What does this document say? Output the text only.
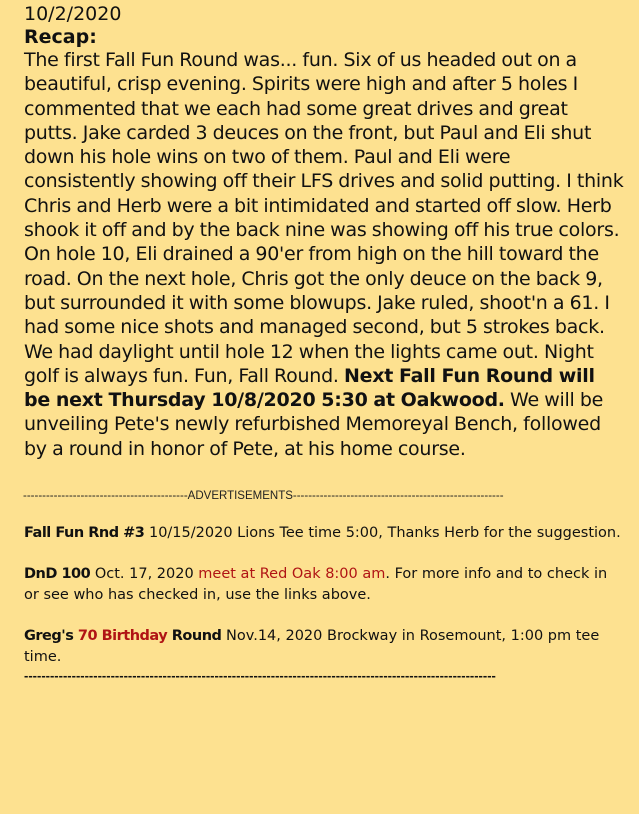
10/2/2020
Recap:
The first Fall Fun Round was... fun. Six of us headed out on a beautiful, crisp evening. Spirits were high and after 5 holes I commented that we each had some great drives and great putts. Jake carded 3 deuces on the front, but Paul and Eli shut down his hole wins on two of them. Paul and Eli were consistently showing off their LFS drives and solid putting. I think Chris and Herb were a bit intimidated and started off slow. Herb shook it off and by the back nine was showing off his true colors. On hole 10, Eli drained a 90'er from high on the hill toward the road. On the next hole, Chris got the only deuce on the back 9, but surrounded it with some blowups. Jake ruled, shoot'n a 61. I had some nice shots and managed second, but 5 strokes back. We had daylight until hole 12 when the lights came out. Night golf is always fun. Fun, Fall Round. Next Fall Fun Round will be next Thursday 10/8/2020 5:30 at Oakwood. We will be unveiling Pete's newly refurbished Memoreyal Bench, followed by a round in honor of Pete, at his home course.
-------------------------------------------ADVERTISEMENTS-------------------------------------------------------
Fall Fun Rnd #3 10/15/2020 Lions Tee time 5:00, Thanks Herb for the suggestion.
DnD 100 Oct. 17, 2020 meet at Red Oak 8:00 am. For more info and to check in or see who has checked in, use the links above.
Greg's 70 Birthday Round Nov.14, 2020 Brockway in Rosemount, 1:00 pm tee time.
-------------------------------------------------------------------------------------------------------------
